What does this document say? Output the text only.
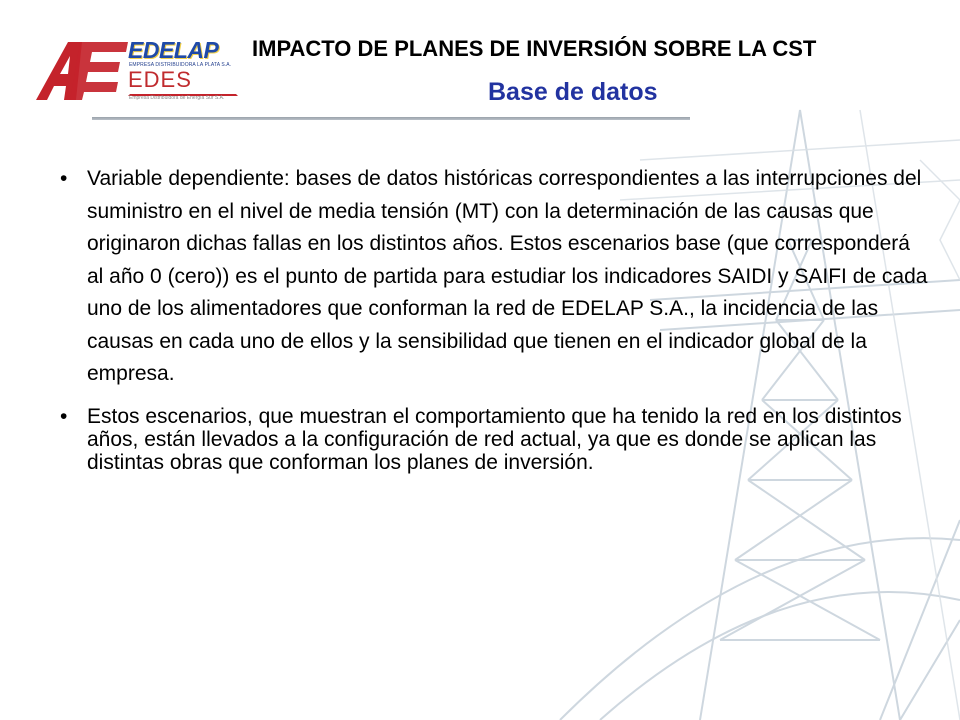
EDELAP
EMPRESA DISTRIBUIDORA LA PLATA S.A.
EDES
Empresa Distribuidora de Energía Sur S.A.
IMPACTO DE PLANES DE INVERSIÓN SOBRE LA CST
Base de datos
• Variable dependiente: bases de datos históricas correspondientes a las interrupciones del suministro en el nivel de media tensión (MT) con la determinación de las causas que originaron dichas fallas en los distintos años. Estos escenarios base (que corresponderá al año 0 (cero)) es el punto de partida para estudiar los indicadores SAIDI y SAIFI de cada uno de los alimentadores que conforman la red de EDELAP S.A., la incidencia de las causas en cada uno de ellos y la sensibilidad que tienen en el indicador global de la empresa.
• Estos escenarios, que muestran el comportamiento que ha tenido la red en los distintos años, están llevados a la configuración de red actual, ya que es donde se aplican las distintas obras que conforman los planes de inversión.
